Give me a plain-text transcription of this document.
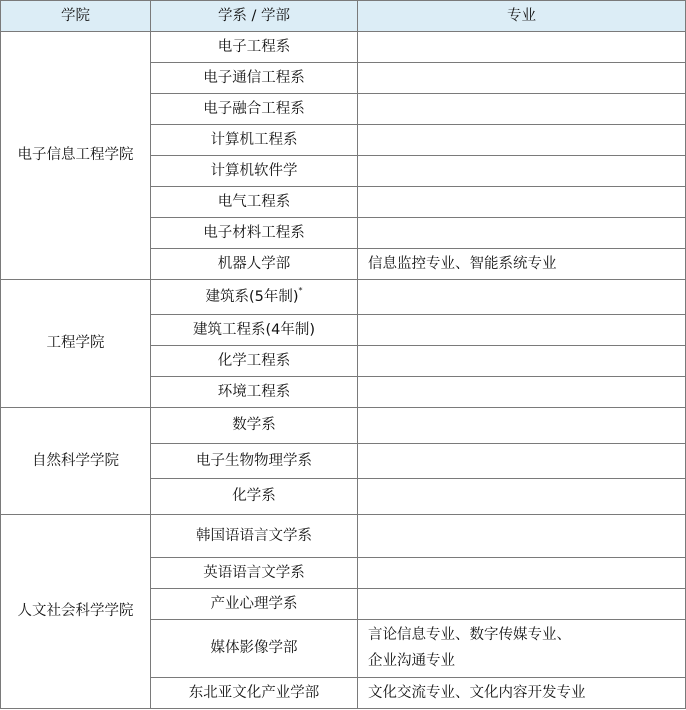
学院	学系 / 学部	专业
电子信息工程学院	电子工程系	
	电子通信工程系	
	电子融合工程系	
	计算机工程系	
	计算机软件学	
	电气工程系	
	电子材料工程系	
	机器人学部	信息监控专业、智能系统专业

工程学院	建筑系(5年制)*	
	建筑工程系(4年制)	
	化学工程系	
	环境工程系	
自然科学学院	数学系	
	电子生物物理学系	
	化学系	
人文社会科学学院	韩国语语言文学系	
	英语语言文学系	
	产业心理学系	
	媒体影像学部	言论信息专业、数字传媒专业、
企业沟通专业

	东北亚文化产业学部	文化交流专业、文化内容开发专业
